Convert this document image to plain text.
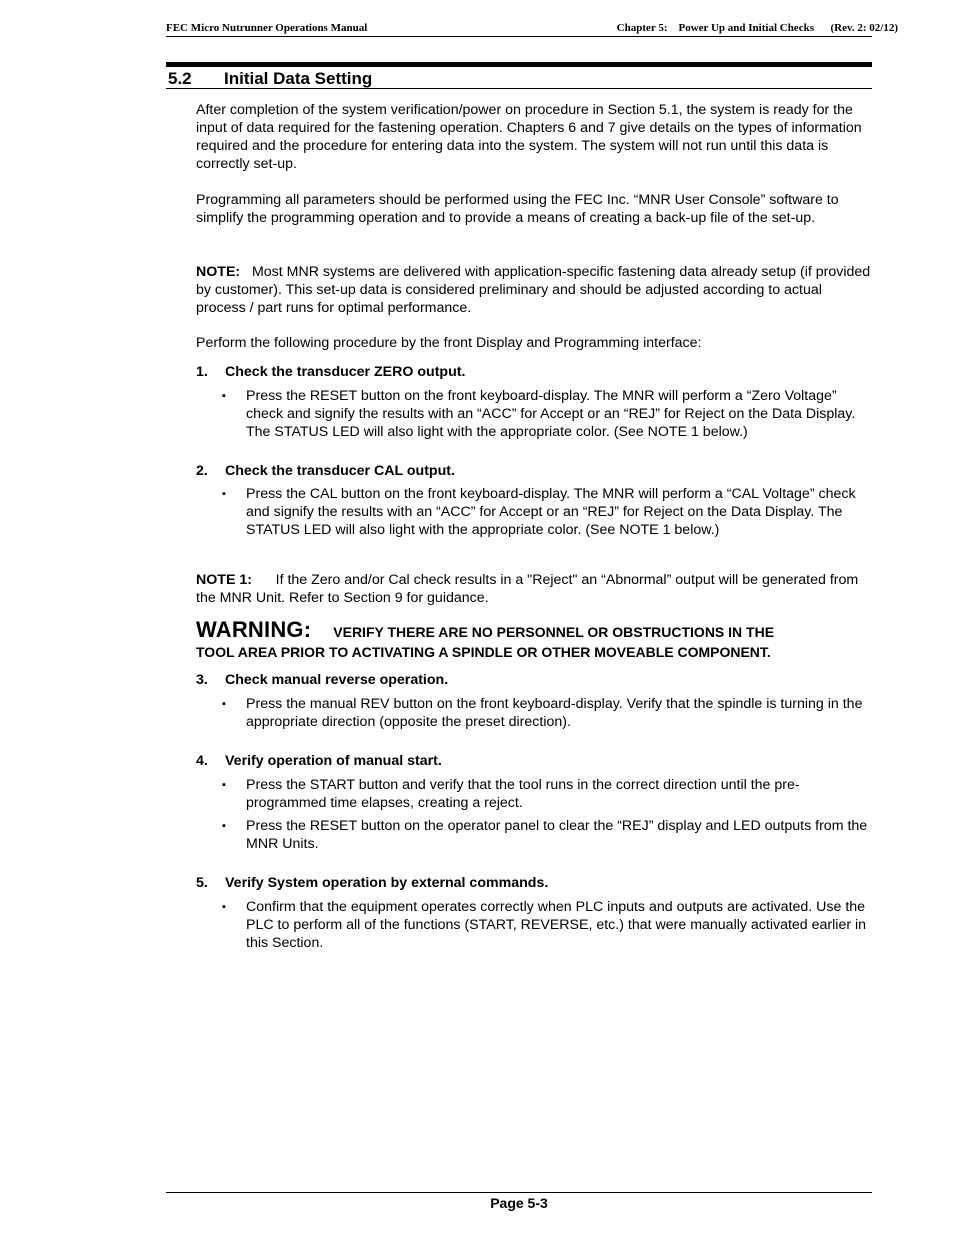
FEC Micro Nutrunner Operations Manual	Chapter 5:    Power Up and Initial Checks      (Rev. 2: 02/12)
5.2 Initial Data Setting
After completion of the system verification/power on procedure in Section 5.1, the system is ready for the input of data required for the fastening operation. Chapters 6 and 7 give details on the types of information required and the procedure for entering data into the system. The system will not run until this data is correctly set-up.
Programming all parameters should be performed using the FEC Inc. “MNR User Console” software to simplify the programming operation and to provide a means of creating a back-up file of the set-up.
NOTE: Most MNR systems are delivered with application-specific fastening data already setup (if provided by customer). This set-up data is considered preliminary and should be adjusted according to actual process / part runs for optimal performance.
Perform the following procedure by the front Display and Programming interface:
1. Check the transducer ZERO output.
▪ Press the RESET button on the front keyboard-display. The MNR will perform a “Zero Voltage” check and signify the results with an “ACC” for Accept or an “REJ” for Reject on the Data Display. The STATUS LED will also light with the appropriate color. (See NOTE 1 below.)
2. Check the transducer CAL output.
▪ Press the CAL button on the front keyboard-display. The MNR will perform a “CAL Voltage” check and signify the results with an “ACC” for Accept or an “REJ” for Reject on the Data Display. The STATUS LED will also light with the appropriate color. (See NOTE 1 below.)
NOTE 1: If the Zero and/or Cal check results in a "Reject" an “Abnormal” output will be generated from the MNR Unit. Refer to Section 9 for guidance.
WARNING: VERIFY THERE ARE NO PERSONNEL OR OBSTRUCTIONS IN THE
TOOL AREA PRIOR TO ACTIVATING A SPINDLE OR OTHER MOVEABLE COMPONENT.
3. Check manual reverse operation.
▪ Press the manual REV button on the front keyboard-display. Verify that the spindle is turning in the appropriate direction (opposite the preset direction).
4. Verify operation of manual start.
▪ Press the START button and verify that the tool runs in the correct direction until the pre-programmed time elapses, creating a reject.
▪ Press the RESET button on the operator panel to clear the “REJ” display and LED outputs from the MNR Units.
5. Verify System operation by external commands.
▪ Confirm that the equipment operates correctly when PLC inputs and outputs are activated. Use the PLC to perform all of the functions (START, REVERSE, etc.) that were manually activated earlier in this Section.
Page 5-3
